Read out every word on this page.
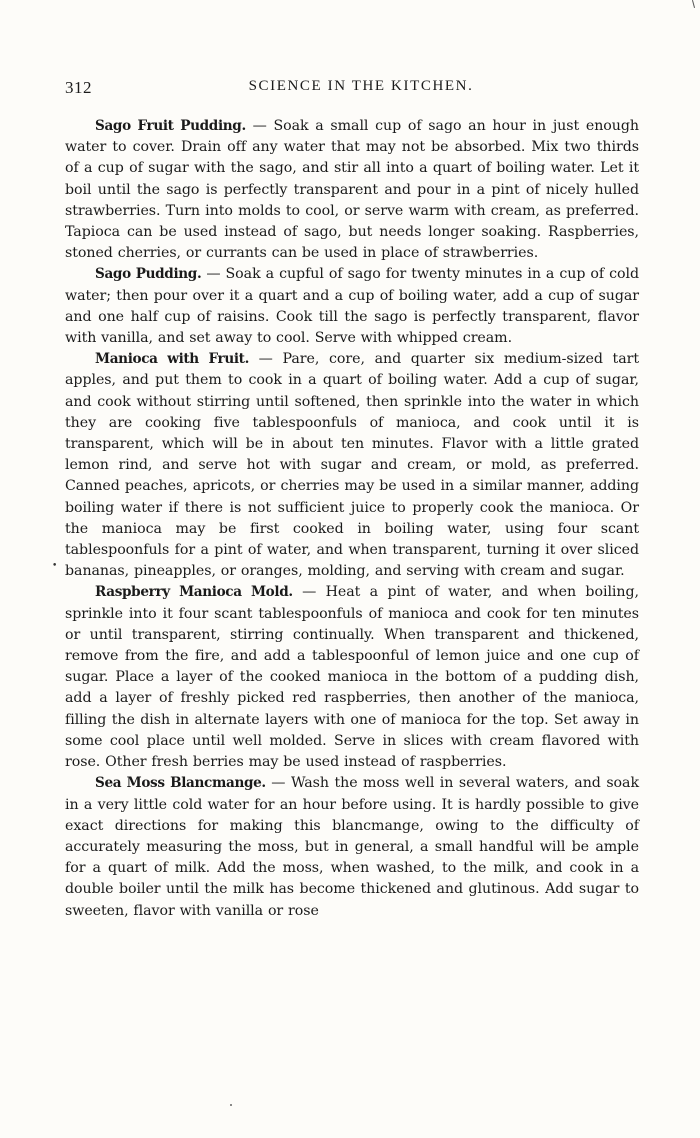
312	SCIENCE IN THE KITCHEN.

Sago Fruit Pudding. — Soak a small cup of sago an hour in just enough water to cover. Drain off any water that may not be absorbed. Mix two thirds of a cup of sugar with the sago, and stir all into a quart of boiling water. Let it boil until the sago is perfectly transparent and pour in a pint of nicely hulled strawberries. Turn into molds to cool, or serve warm with cream, as preferred. Tapioca can be used instead of sago, but needs longer soaking. Raspberries, stoned cherries, or currants can be used in place of strawberries.

Sago Pudding. — Soak a cupful of sago for twenty minutes in a cup of cold water; then pour over it a quart and a cup of boiling water, add a cup of sugar and one half cup of raisins. Cook till the sago is perfectly transparent, flavor with vanilla, and set away to cool. Serve with whipped cream.

Manioca with Fruit. — Pare, core, and quarter six medium-sized tart apples, and put them to cook in a quart of boiling water. Add a cup of sugar, and cook without stirring until softened, then sprinkle into the water in which they are cooking five tablespoonfuls of manioca, and cook until it is transparent, which will be in about ten minutes. Flavor with a little grated lemon rind, and serve hot with sugar and cream, or mold, as preferred. Canned peaches, apricots, or cherries may be used in a similar manner, adding boiling water if there is not sufficient juice to properly cook the manioca. Or the manioca may be first cooked in boiling water, using four scant tablespoonfuls for a pint of water, and when transparent, turning it over sliced bananas, pineapples, or oranges, molding, and serving with cream and sugar.

Raspberry Manioca Mold. — Heat a pint of water, and when boiling, sprinkle into it four scant tablespoonfuls of manioca and cook for ten minutes or until transparent, stirring continually. When transparent and thickened, remove from the fire, and add a tablespoonful of lemon juice and one cup of sugar. Place a layer of the cooked manioca in the bottom of a pudding dish, add a layer of freshly picked red raspberries, then another of the manioca, filling the dish in alternate layers with one of manioca for the top. Set away in some cool place until well molded. Serve in slices with cream flavored with rose. Other fresh berries may be used instead of raspberries.

Sea Moss Blancmange. — Wash the moss well in several waters, and soak in a very little cold water for an hour before using. It is hardly possible to give exact directions for making this blancmange, owing to the difficulty of accurately measuring the moss, but in general, a small handful will be ample for a quart of milk. Add the moss, when washed, to the milk, and cook in a double boiler until the milk has become thickened and glutinous. Add sugar to sweeten, flavor with vanilla or rose

•
